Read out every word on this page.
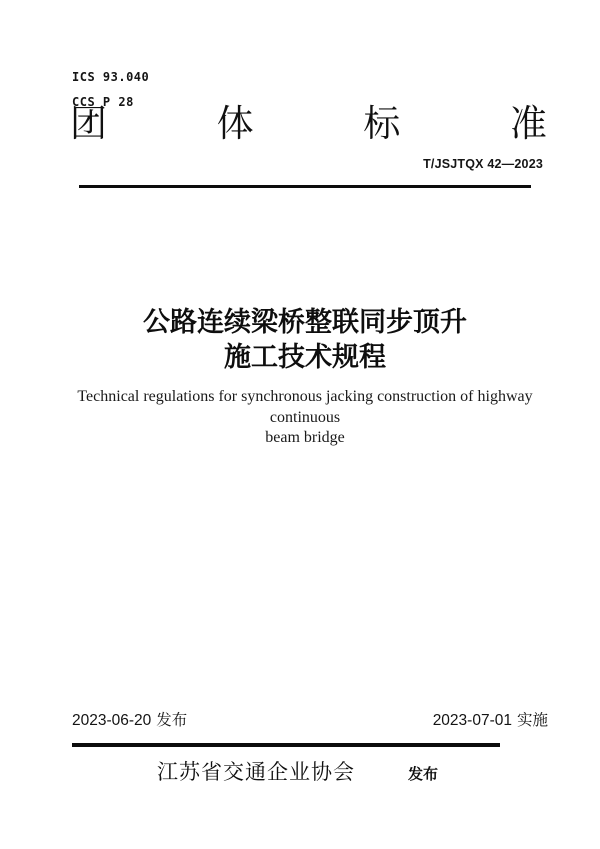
ICS 93.040
CCS P 28
团	体	标	准
T/JSJTQX 42—2023
公路连续梁桥整联同步顶升
施工技术规程
Technical regulations for synchronous jacking construction of highway continuous
beam bridge
2023-06-20 发布	2023-07-01 实施
江苏省交通企业协会	发布
